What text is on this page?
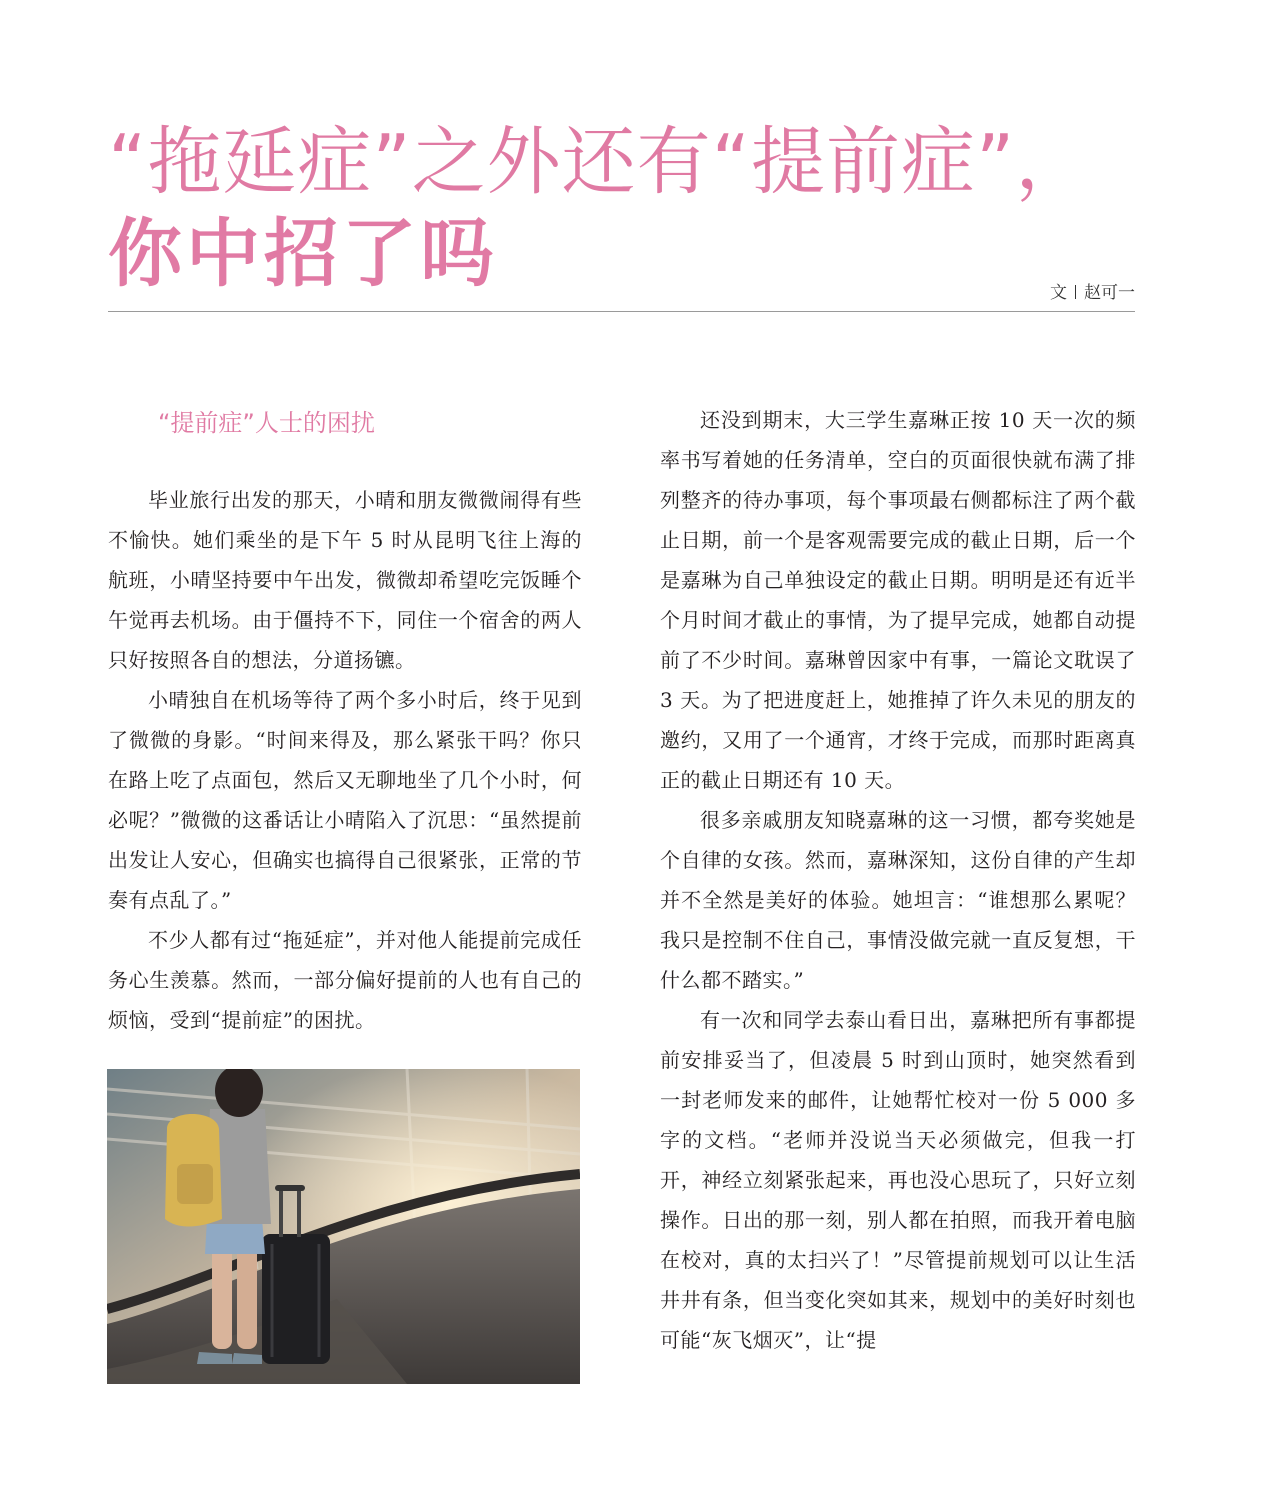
“拖延症”之外还有“提前症”，
你中招了吗	文 赵可一
“提前症”人士的困扰

毕业旅行出发的那天，小晴和朋友微微闹得有些不愉快。她们乘坐的是下午 5 时从昆明飞往上海的航班，小晴坚持要中午出发，微微却希望吃完饭睡个午觉再去机场。由于僵持不下，同住一个宿舍的两人只好按照各自的想法，分道扬镳。

小晴独自在机场等待了两个多小时后，终于见到了微微的身影。“时间来得及，那么紧张干吗？你只在路上吃了点面包，然后又无聊地坐了几个小时，何必呢？”微微的这番话让小晴陷入了沉思：“虽然提前出发让人安心，但确实也搞得自己很紧张，正常的节奏有点乱了。”

不少人都有过“拖延症”，并对他人能提前完成任务心生羡慕。然而，一部分偏好提前的人也有自己的烦恼，受到“提前症”的困扰。

还没到期末，大三学生嘉琳正按 10 天一次的频率书写着她的任务清单，空白的页面很快就布满了排列整齐的待办事项，每个事项最右侧都标注了两个截止日期，前一个是客观需要完成的截止日期，后一个是嘉琳为自己单独设定的截止日期。明明是还有近半个月时间才截止的事情，为了提早完成，她都自动提前了不少时间。嘉琳曾因家中有事，一篇论文耽误了 3 天。为了把进度赶上，她推掉了许久未见的朋友的邀约，又用了一个通宵，才终于完成，而那时距离真正的截止日期还有 10 天。

很多亲戚朋友知晓嘉琳的这一习惯，都夸奖她是个自律的女孩。然而，嘉琳深知，这份自律的产生却并不全然是美好的体验。她坦言：“谁想那么累呢？我只是控制不住自己，事情没做完就一直反复想，干什么都不踏实。”

有一次和同学去泰山看日出，嘉琳把所有事都提前安排妥当了，但凌晨 5 时到山顶时，她突然看到一封老师发来的邮件，让她帮忙校对一份 5 000 多字的文档。“老师并没说当天必须做完，但我一打开，神经立刻紧张起来，再也没心思玩了，只好立刻操作。日出的那一刻，别人都在拍照，而我开着电脑在校对，真的太扫兴了！”尽管提前规划可以让生活井井有条，但当变化突如其来，规划中的美好时刻也可能“灰飞烟灭”，让“提
